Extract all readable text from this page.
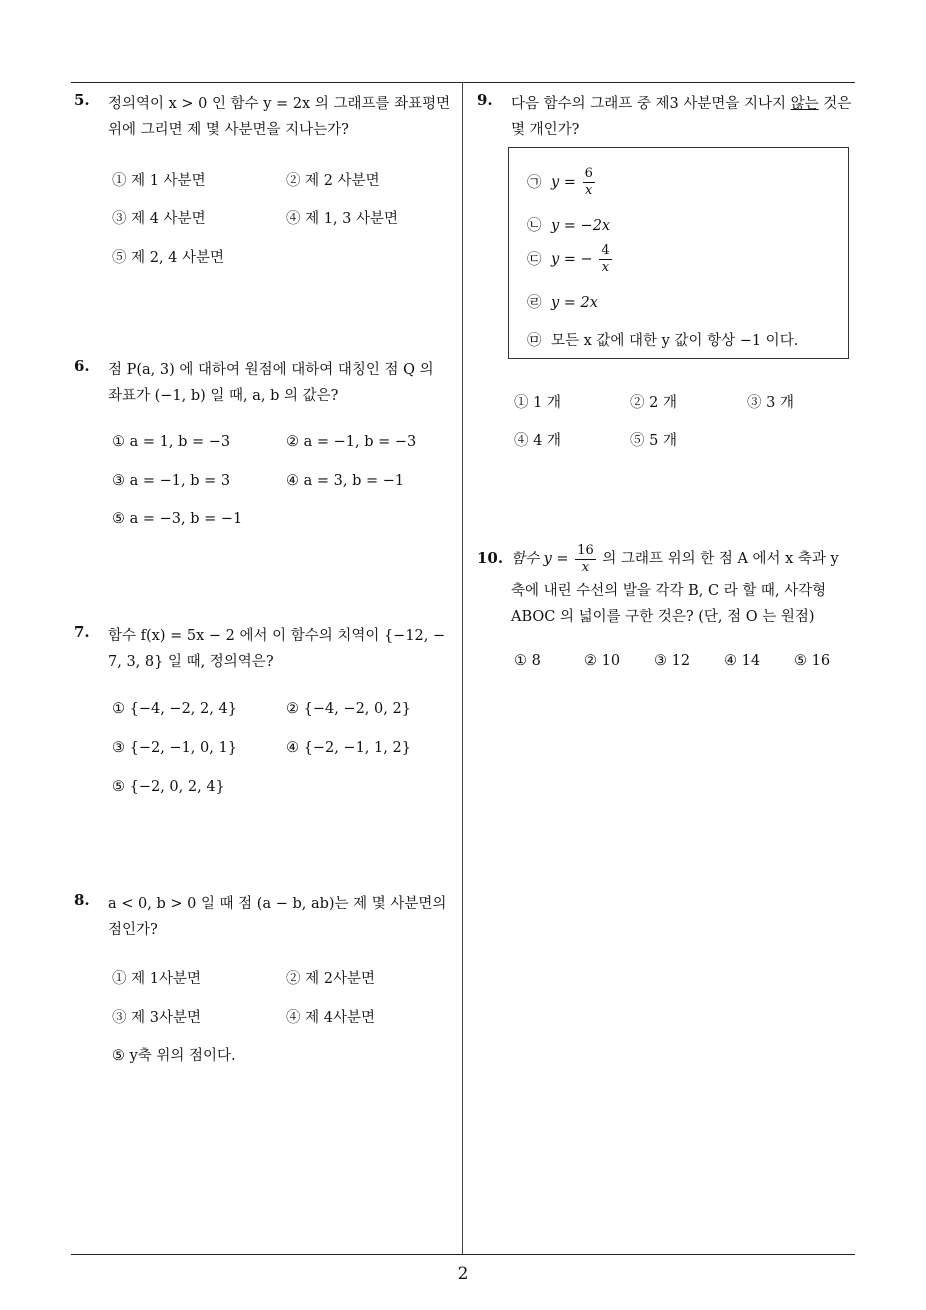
5. 정의역이 x > 0 인 함수 y = 2x 의 그래프를 좌표평면
위에 그리면 제 몇 사분면을 지나는가?
① 제 1 사분면	② 제 2 사분면
③ 제 4 사분면	④ 제 1, 3 사분면
⑤ 제 2, 4 사분면
6. 점 P(a, 3) 에 대하여 원점에 대하여 대칭인 점 Q 의
좌표가 (−1, b) 일 때, a, b 의 값은?
① a = 1, b = −3	② a = −1, b = −3
③ a = −1, b = 3	④ a = 3, b = −1
⑤ a = −3, b = −1
7. 함수 f(x) = 5x − 2 에서 이 함수의 치역이 {−12, −
7, 3, 8} 일 때, 정의역은?
① {−4, −2, 2, 4}	② {−4, −2, 0, 2}
③ {−2, −1, 0, 1}	④ {−2, −1, 1, 2}
⑤ {−2, 0, 2, 4}
8. a < 0, b > 0 일 때 점 (a − b, ab)는 제 몇 사분면의
점인가?
① 제 1사분면	② 제 2사분면
③ 제 3사분면	④ 제 4사분면
⑤ y축 위의 점이다.
9. 다음 함수의 그래프 중 제3 사분면을 지나지 않는 것은
몇 개인가?
㉠ $y = \frac{6}{x}$
㉡ y = −2x
㉢ y = − $\frac{4}{x}$
㉣ y = 2x
㉤ 모든 x 값에 대한 y 값이 항상 −1 이다.
① 1 개	② 2 개	③ 3 개
④ 4 개	⑤ 5 개
10. 함수 $y = \frac{16}{x}$ 의 그래프 위의 한 점 A 에서 x 축과 y
축에 내린 수선의 발을 각각 B, C 라 할 때, 사각형
ABOC 의 넓이를 구한 것은? (단, 점 O 는 원점)
① 8	② 10 ③ 12 ④ 14 ⑤ 16
2
